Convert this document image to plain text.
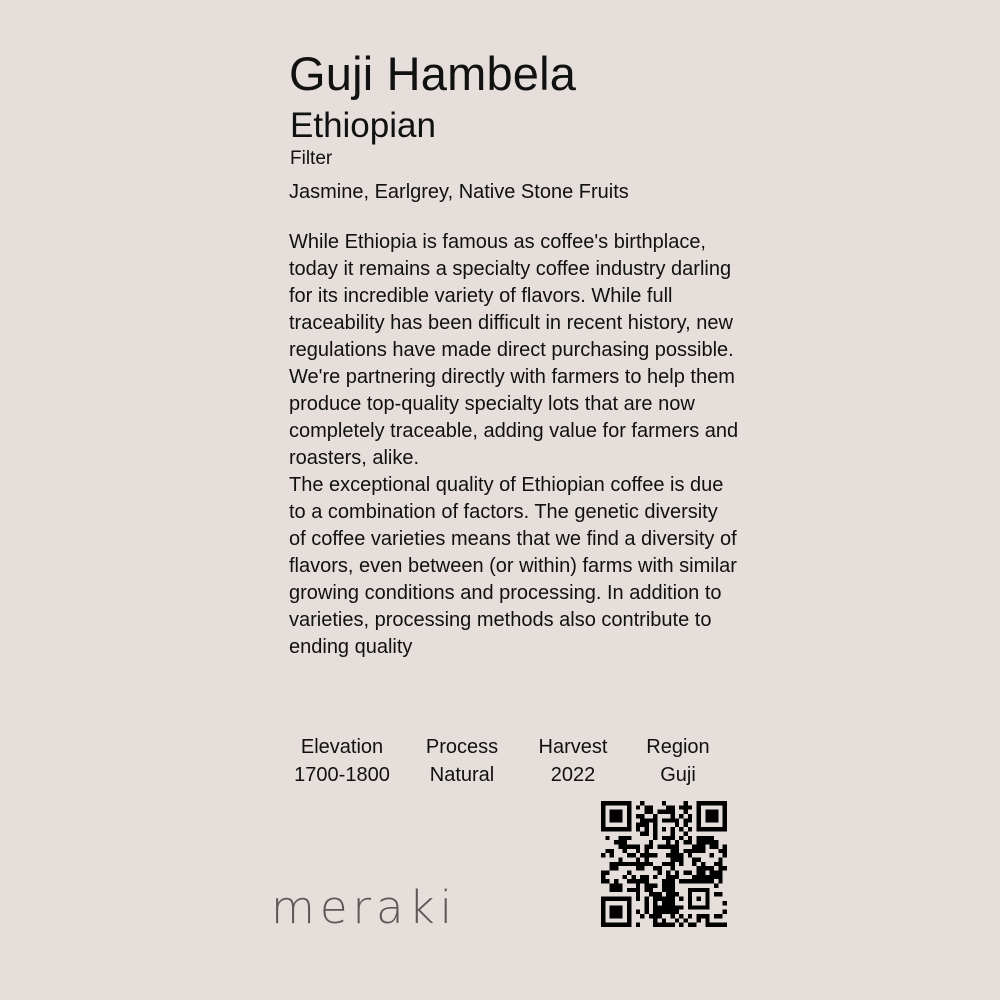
Guji Hambela
Ethiopian
Filter
Jasmine, Earlgrey, Native Stone Fruits

While Ethiopia is famous as coffee's birthplace, today it remains a specialty coffee industry darling for its incredible variety of flavors. While full traceability has been difficult in recent history, new regulations have made direct purchasing possible. We're partnering directly with farmers to help them produce top-quality specialty lots that are now completely traceable, adding value for farmers and roasters, alike.

The exceptional quality of Ethiopian coffee is due to a combination of factors. The genetic diversity of coffee varieties means that we find a diversity of flavors, even between (or within) farms with similar growing conditions and processing. In addition to varieties, processing methods also contribute to ending quality

Elevation
1700-1800
Process
Natural
Harvest
2022
Region
Guji
meraki
